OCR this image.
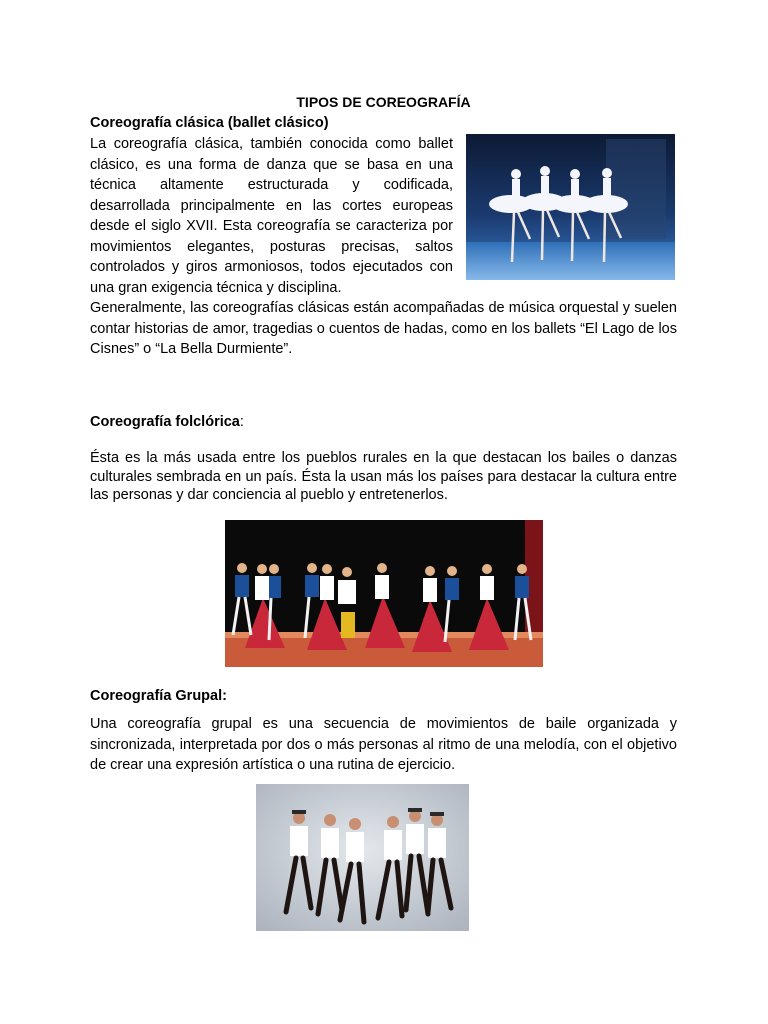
TIPOS DE COREOGRAFÍA
Coreografía clásica (ballet clásico)

La coreografía clásica, también conocida como ballet clásico, es una forma de danza que se basa en una técnica altamente estructurada y codificada, desarrollada principalmente en las cortes europeas desde el siglo XVII. Esta coreografía se caracteriza por movimientos elegantes, posturas precisas, saltos controlados y giros armoniosos, todos ejecutados con una gran exigencia técnica y disciplina.

Generalmente, las coreografías clásicas están acompañadas de música orquestal y suelen contar historias de amor, tragedias o cuentos de hadas, como en los ballets “El Lago de los Cisnes” o “La Bella Durmiente”.

Coreografía folclórica:

Ésta es la más usada entre los pueblos rurales en la que destacan los bailes o danzas culturales sembrada en un país. Ésta la usan más los países para destacar la cultura entre las personas y dar conciencia al pueblo y entretenerlos.

Coreografía Grupal:

Una coreografía grupal es una secuencia de movimientos de baile organizada y sincronizada, interpretada por dos o más personas al ritmo de una melodía, con el objetivo de crear una expresión artística o una rutina de ejercicio.
